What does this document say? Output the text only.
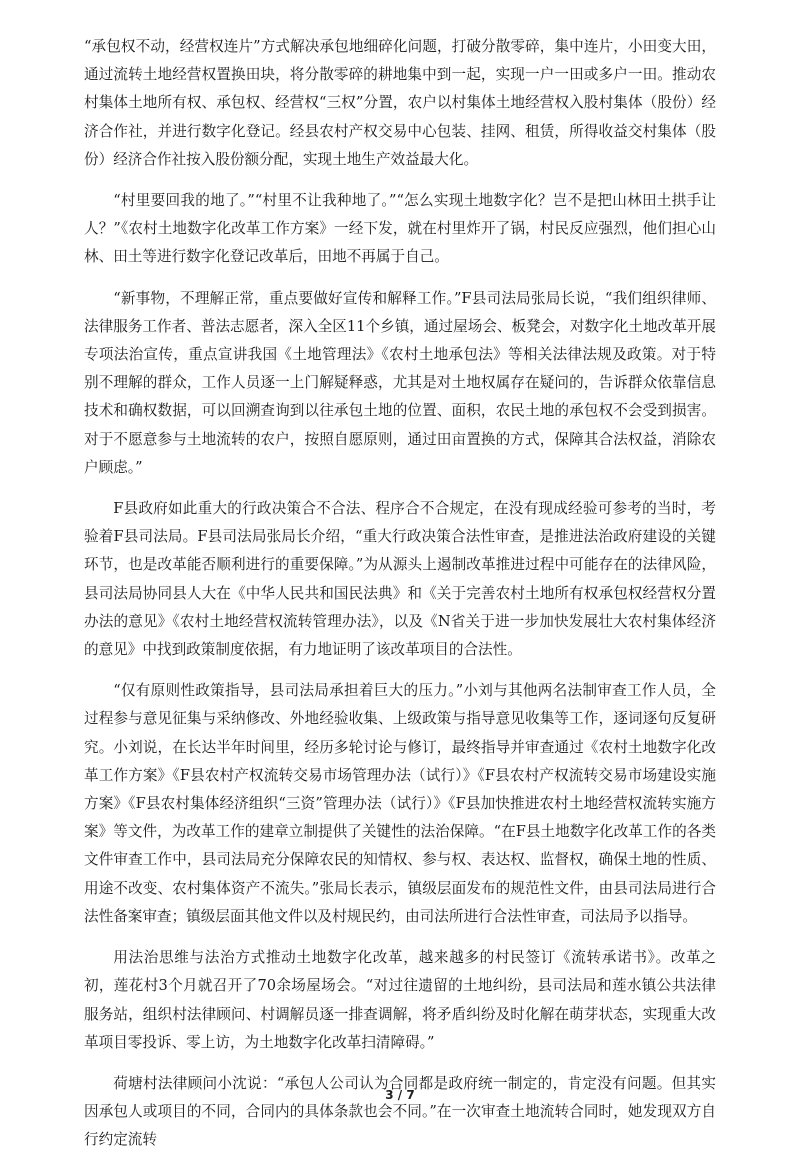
“承包权不动，经营权连片”方式解决承包地细碎化问题，打破分散零碎，集中连片，小田变大田，通过流转土地经营权置换田块，将分散零碎的耕地集中到一起，实现一户一田或多户一田。推动农村集体土地所有权、承包权、经营权“三权”分置，农户以村集体土地经营权入股村集体（股份）经济合作社，并进行数字化登记。经县农村产权交易中心包装、挂网、租赁，所得收益交村集体（股份）经济合作社按入股份额分配，实现土地生产效益最大化。

“村里要回我的地了。”“村里不让我种地了。”“怎么实现土地数字化？岂不是把山林田土拱手让人？”《农村土地数字化改革工作方案》一经下发，就在村里炸开了锅，村民反应强烈，他们担心山林、田土等进行数字化登记改革后，田地不再属于自己。

“新事物，不理解正常，重点要做好宣传和解释工作。”F县司法局张局长说，“我们组织律师、法律服务工作者、普法志愿者，深入全区11个乡镇，通过屋场会、板凳会，对数字化土地改革开展专项法治宣传，重点宣讲我国《土地管理法》《农村土地承包法》等相关法律法规及政策。对于特别不理解的群众，工作人员逐一上门解疑释惑，尤其是对土地权属存在疑问的，告诉群众依靠信息技术和确权数据，可以回溯查询到以往承包土地的位置、面积，农民土地的承包权不会受到损害。对于不愿意参与土地流转的农户，按照自愿原则，通过田亩置换的方式，保障其合法权益，消除农户顾虑。”

F县政府如此重大的行政决策合不合法、程序合不合规定，在没有现成经验可参考的当时，考验着F县司法局。F县司法局张局长介绍，“重大行政决策合法性审查，是推进法治政府建设的关键环节，也是改革能否顺利进行的重要保障。”为从源头上遏制改革推进过程中可能存在的法律风险，县司法局协同县人大在《中华人民共和国民法典》和《关于完善农村土地所有权承包权经营权分置办法的意见》《农村土地经营权流转管理办法》，以及《N省关于进一步加快发展壮大农村集体经济的意见》中找到政策制度依据，有力地证明了该改革项目的合法性。

“仅有原则性政策指导，县司法局承担着巨大的压力。”小刘与其他两名法制审查工作人员，全过程参与意见征集与采纳修改、外地经验收集、上级政策与指导意见收集等工作，逐词逐句反复研究。小刘说，在长达半年时间里，经历多轮讨论与修订，最终指导并审查通过《农村土地数字化改革工作方案》《F县农村产权流转交易市场管理办法（试行）》《F县农村产权流转交易市场建设实施方案》《F县农村集体经济组织“三资”管理办法（试行）》《F县加快推进农村土地经营权流转实施方案》等文件，为改革工作的建章立制提供了关键性的法治保障。“在F县土地数字化改革工作的各类文件审查工作中，县司法局充分保障农民的知情权、参与权、表达权、监督权，确保土地的性质、用途不改变、农村集体资产不流失。”张局长表示，镇级层面发布的规范性文件，由县司法局进行合法性备案审查；镇级层面其他文件以及村规民约，由司法所进行合法性审查，司法局予以指导。

用法治思维与法治方式推动土地数字化改革，越来越多的村民签订《流转承诺书》。改革之初，莲花村3个月就召开了70余场屋场会。“对过往遗留的土地纠纷，县司法局和莲水镇公共法律服务站，组织村法律顾问、村调解员逐一排查调解，将矛盾纠纷及时化解在萌芽状态，实现重大改革项目零投诉、零上访，为土地数字化改革扫清障碍。”

荷塘村法律顾问小沈说：“承包人公司认为合同都是政府统一制定的，肯定没有问题。但其实因承包人或项目的不同，合同内的具体条款也会不同。”在一次审查土地流转合同时，她发现双方自行约定流转

3 / 7
